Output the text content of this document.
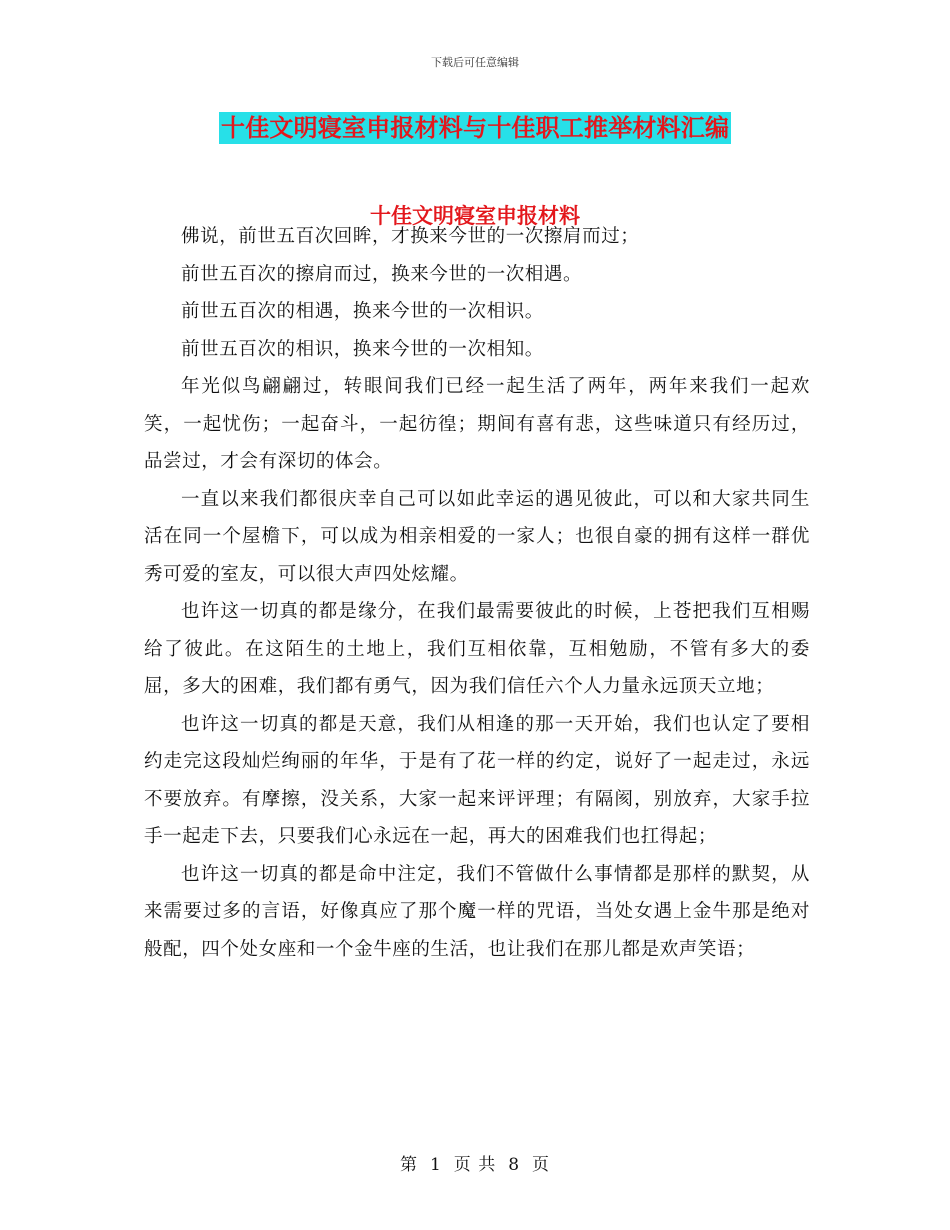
下载后可任意编辑
十佳文明寝室申报材料与十佳职工推举材料汇编
十佳文明寝室申报材料

佛说，前世五百次回眸，才换来今世的一次擦肩而过；

前世五百次的擦肩而过，换来今世的一次相遇。

前世五百次的相遇，换来今世的一次相识。

前世五百次的相识，换来今世的一次相知。

年光似鸟翩翩过，转眼间我们已经一起生活了两年，两年来我们一起欢笑，一起忧伤；一起奋斗，一起彷徨；期间有喜有悲，这些味道只有经历过，品尝过，才会有深切的体会。

一直以来我们都很庆幸自己可以如此幸运的遇见彼此，可以和大家共同生活在同一个屋檐下，可以成为相亲相爱的一家人；也很自豪的拥有这样一群优秀可爱的室友，可以很大声四处炫耀。

也许这一切真的都是缘分，在我们最需要彼此的时候，上苍把我们互相赐给了彼此。在这陌生的土地上，我们互相依靠，互相勉励，不管有多大的委屈，多大的困难，我们都有勇气，因为我们信任六个人力量永远顶天立地；

也许这一切真的都是天意，我们从相逢的那一天开始，我们也认定了要相约走完这段灿烂绚丽的年华，于是有了花一样的约定，说好了一起走过，永远不要放弃。有摩擦，没关系，大家一起来评评理；有隔阂，别放弃，大家手拉手一起走下去，只要我们心永远在一起，再大的困难我们也扛得起；

也许这一切真的都是命中注定，我们不管做什么事情都是那样的默契，从来需要过多的言语，好像真应了那个魔一样的咒语，当处女遇上金牛那是绝对般配，四个处女座和一个金牛座的生活，也让我们在那儿都是欢声笑语；

第 1 页 共 8 页
